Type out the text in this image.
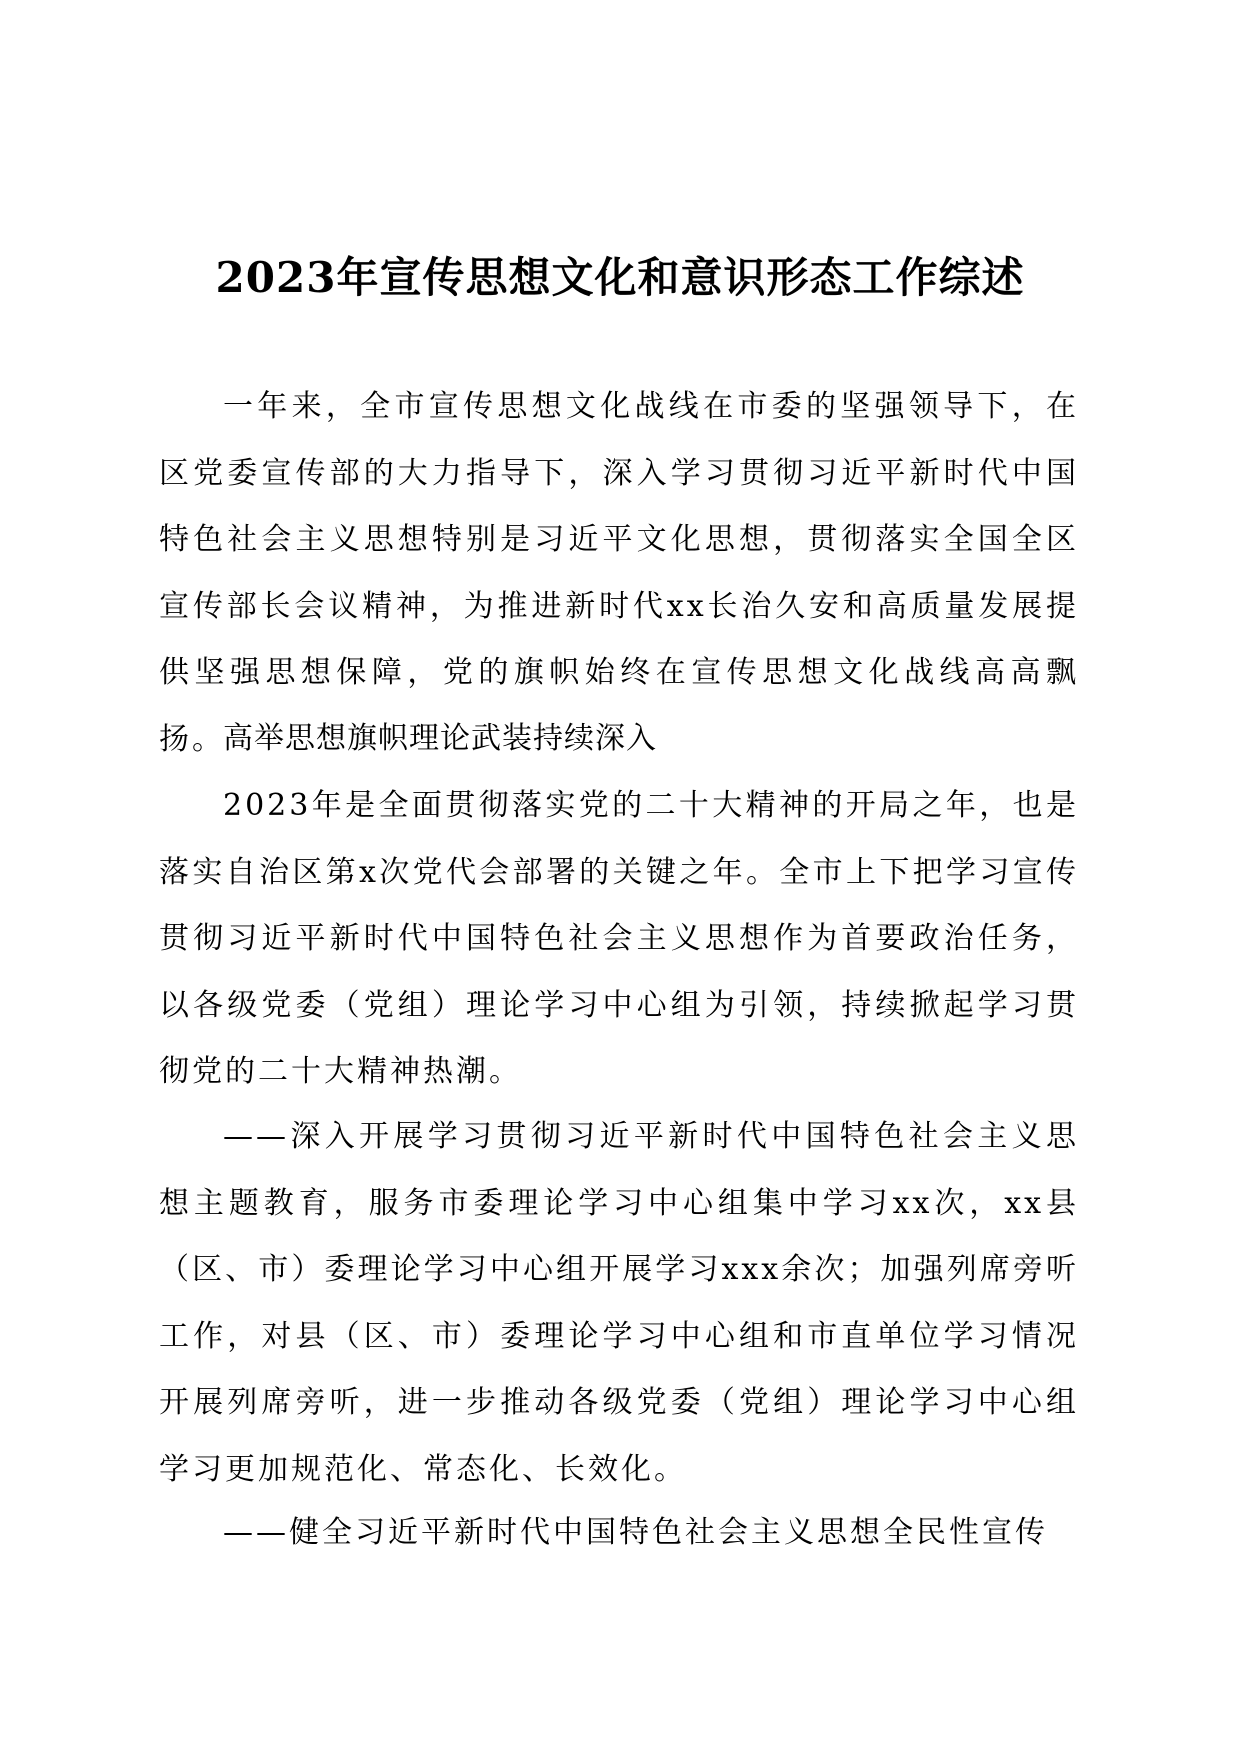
2023年宣传思想文化和意识形态工作综述

一年来，全市宣传思想文化战线在市委的坚强领导下，在区党委宣传部的大力指导下，深入学习贯彻习近平新时代中国特色社会主义思想特别是习近平文化思想，贯彻落实全国全区宣传部长会议精神，为推进新时代xx长治久安和高质量发展提供坚强思想保障，党的旗帜始终在宣传思想文化战线高高飘扬。

高举思想旗帜理论武装持续深入

2023年是全面贯彻落实党的二十大精神的开局之年，也是落实自治区第x次党代会部署的关键之年。全市上下把学习宣传贯彻习近平新时代中国特色社会主义思想作为首要政治任务，以各级党委（党组）理论学习中心组为引领，持续掀起学习贯彻党的二十大精神热潮。

——深入开展学习贯彻习近平新时代中国特色社会主义思想主题教育，服务市委理论学习中心组集中学习xx次，xx县（区、市）委理论学习中心组开展学习xxx余次；加强列席旁听工作，对县（区、市）委理论学习中心组和市直单位学习情况开展列席旁听，进一步推动各级党委（党组）理论学习中心组学习更加规范化、常态化、长效化。

——健全习近平新时代中国特色社会主义思想全民性宣传
